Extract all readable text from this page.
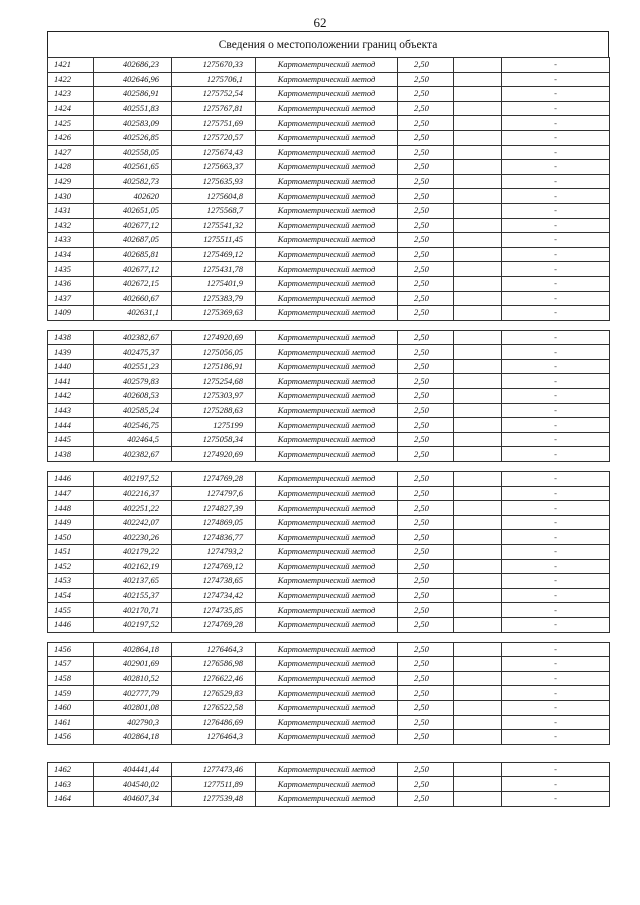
62
Сведения о местоположении границ объекта
1421	402686,23	1275670,33	Картометрический метод	2,50		-
1422	402646,96	1275706,1	Картометрический метод	2,50		-
1423	402586,91	1275752,54	Картометрический метод	2,50		-
1424	402551,83	1275767,81	Картометрический метод	2,50		-
1425	402583,09	1275751,69	Картометрический метод	2,50		-
1426	402526,85	1275720,57	Картометрический метод	2,50		-
1427	402558,05	1275674,43	Картометрический метод	2,50		-
1428	402561,65	1275663,37	Картометрический метод	2,50		-
1429	402582,73	1275635,93	Картометрический метод	2,50		-
1430	402620	1275604,8	Картометрический метод	2,50		-
1431	402651,05	1275568,7	Картометрический метод	2,50		-
1432	402677,12	1275541,32	Картометрический метод	2,50		-
1433	402687,05	1275511,45	Картометрический метод	2,50		-
1434	402685,81	1275469,12	Картометрический метод	2,50		-
1435	402677,12	1275431,78	Картометрический метод	2,50		-
1436	402672,15	1275401,9	Картометрический метод	2,50		-
1437	402660,67	1275383,79	Картометрический метод	2,50		-
1409	402631,1	1275369,63	Картометрический метод	2,50		-

1438	402382,67	1274920,69	Картометрический метод	2,50		-
1439	402475,37	1275056,05	Картометрический метод	2,50		-
1440	402551,23	1275186,91	Картометрический метод	2,50		-
1441	402579,83	1275254,68	Картометрический метод	2,50		-
1442	402608,53	1275303,97	Картометрический метод	2,50		-
1443	402585,24	1275288,63	Картометрический метод	2,50		-
1444	402546,75	1275199	Картометрический метод	2,50		-
1445	402464,5	1275058,34	Картометрический метод	2,50		-
1438	402382,67	1274920,69	Картометрический метод	2,50		-

1446	402197,52	1274769,28	Картометрический метод	2,50		-
1447	402216,37	1274797,6	Картометрический метод	2,50		-
1448	402251,22	1274827,39	Картометрический метод	2,50		-
1449	402242,07	1274869,05	Картометрический метод	2,50		-
1450	402230,26	1274836,77	Картометрический метод	2,50		-
1451	402179,22	1274793,2	Картометрический метод	2,50		-
1452	402162,19	1274769,12	Картометрический метод	2,50		-
1453	402137,65	1274738,65	Картометрический метод	2,50		-
1454	402155,37	1274734,42	Картометрический метод	2,50		-
1455	402170,71	1274735,85	Картометрический метод	2,50		-
1446	402197,52	1274769,28	Картометрический метод	2,50		-

1456	402864,18	1276464,3	Картометрический метод	2,50		-
1457	402901,69	1276586,98	Картометрический метод	2,50		-
1458	402810,52	1276622,46	Картометрический метод	2,50		-
1459	402777,79	1276529,83	Картометрический метод	2,50		-
1460	402801,08	1276522,58	Картометрический метод	2,50		-
1461	402790,3	1276486,69	Картометрический метод	2,50		-
1456	402864,18	1276464,3	Картометрический метод	2,50		-

1462	404441,44	1277473,46	Картометрический метод	2,50		-
1463	404540,02	1277511,89	Картометрический метод	2,50		-
1464	404607,34	1277539,48	Картометрический метод	2,50		-
